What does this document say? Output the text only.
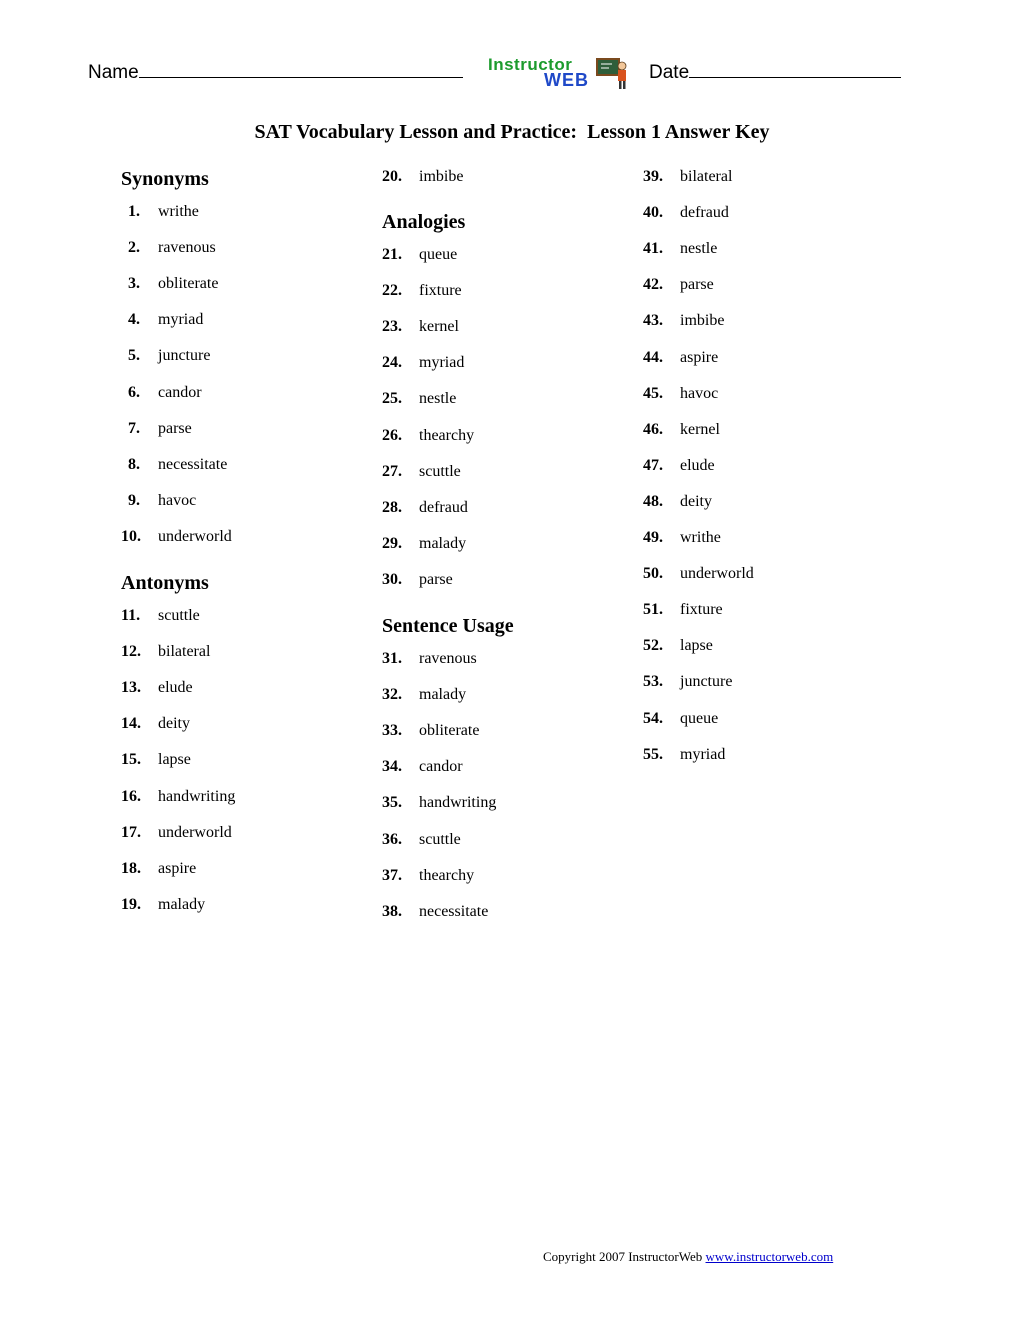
Name	Instructor
WEB	Date
SAT Vocabulary Lesson and Practice:  Lesson 1 Answer Key
Synonyms
1. writhe
2. ravenous
3. obliterate
4. myriad
5. juncture
6. candor
7. parse
8. necessitate
9. havoc
10. underworld
Antonyms
11. scuttle
12. bilateral
13. elude
14. deity
15. lapse
16. handwriting
17. underworld
18. aspire
19. malady
20. imbibe
Analogies
21. queue
22. fixture
23. kernel
24. myriad
25. nestle
26. thearchy
27. scuttle
28. defraud
29. malady
30. parse
Sentence Usage
31. ravenous
32. malady
33. obliterate
34. candor
35. handwriting
36. scuttle
37. thearchy
38. necessitate
39. bilateral
40. defraud
41. nestle
42. parse
43. imbibe
44. aspire
45. havoc
46. kernel
47. elude
48. deity
49. writhe
50. underworld
51. fixture
52. lapse
53. juncture
54. queue
55. myriad
Copyright 2007 InstructorWeb www.instructorweb.com
